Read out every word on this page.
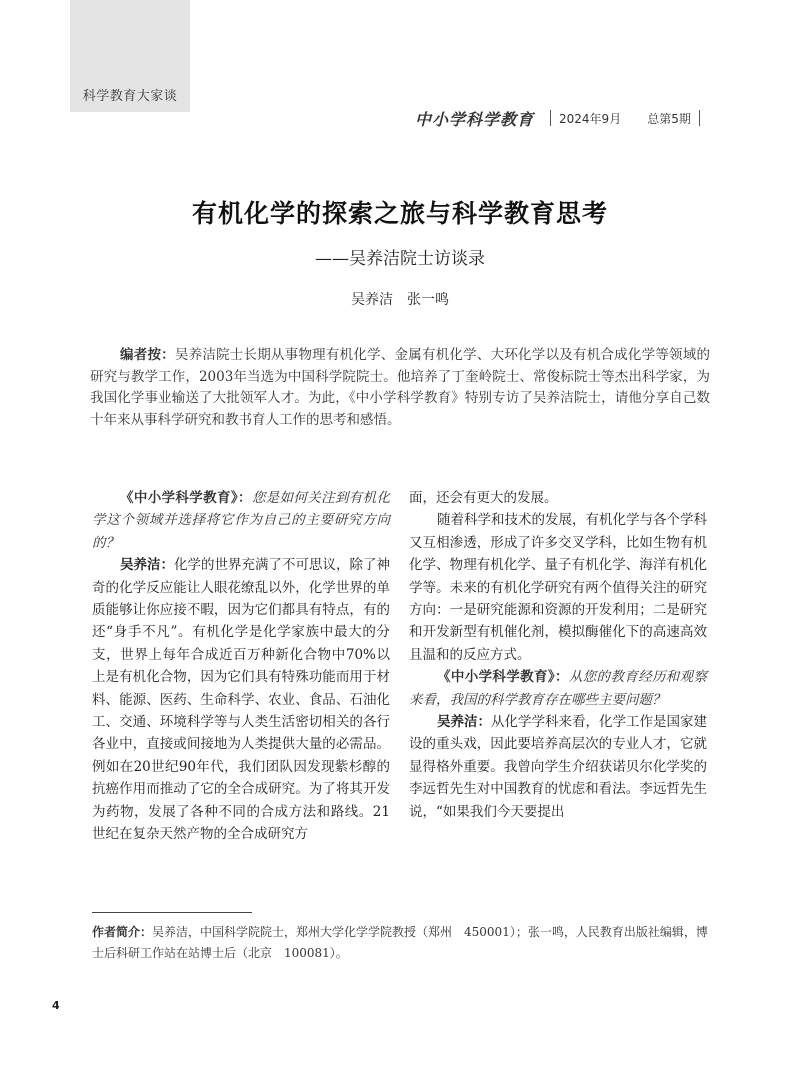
科学教育大家谈
中小学科学教育	2024年9月 总第5期
有机化学的探索之旅与科学教育思考
——吴养洁院士访谈录
吴养洁　张一鸣

编者按：吴养洁院士长期从事物理有机化学、金属有机化学、大环化学以及有机合成化学等领域的研究与教学工作，2003年当选为中国科学院院士。他培养了丁奎岭院士、常俊标院士等杰出科学家，为我国化学事业输送了大批领军人才。为此，《中小学科学教育》特别专访了吴养洁院士，请他分享自己数十年来从事科学研究和教书育人工作的思考和感悟。

《中小学科学教育》：您是如何关注到有机化学这个领域并选择将它作为自己的主要研究方向的？

吴养洁：化学的世界充满了不可思议，除了神奇的化学反应能让人眼花缭乱以外，化学世界的单质能够让你应接不暇，因为它们都具有特点，有的还“身手不凡”。有机化学是化学家族中最大的分支，世界上每年合成近百万种新化合物中70%以上是有机化合物，因为它们具有特殊功能而用于材料、能源、医药、生命科学、农业、食品、石油化工、交通、环境科学等与人类生活密切相关的各行各业中，直接或间接地为人类提供大量的必需品。例如在20世纪90年代，我们团队因发现紫杉醇的抗癌作用而推动了它的全合成研究。为了将其开发为药物，发展了各种不同的合成方法和路线。21世纪在复杂天然产物的全合成研究方

面，还会有更大的发展。

随着科学和技术的发展，有机化学与各个学科又互相渗透，形成了许多交叉学科，比如生物有机化学、物理有机化学、量子有机化学、海洋有机化学等。未来的有机化学研究有两个值得关注的研究方向：一是研究能源和资源的开发利用；二是研究和开发新型有机催化剂，模拟酶催化下的高速高效且温和的反应方式。

《中小学科学教育》：从您的教育经历和观察来看，我国的科学教育存在哪些主要问题？

吴养洁：从化学学科来看，化学工作是国家建设的重头戏，因此要培养高层次的专业人才，它就显得格外重要。我曾向学生介绍获诺贝尔化学奖的李远哲先生对中国教育的忧虑和看法。李远哲先生说，“如果我们今天要提出

作者简介：吴养洁，中国科学院院士，郑州大学化学学院教授（郑州　450001）；张一鸣，人民教育出版社编辑，博士后科研工作站在站博士后（北京　100081）。

4
